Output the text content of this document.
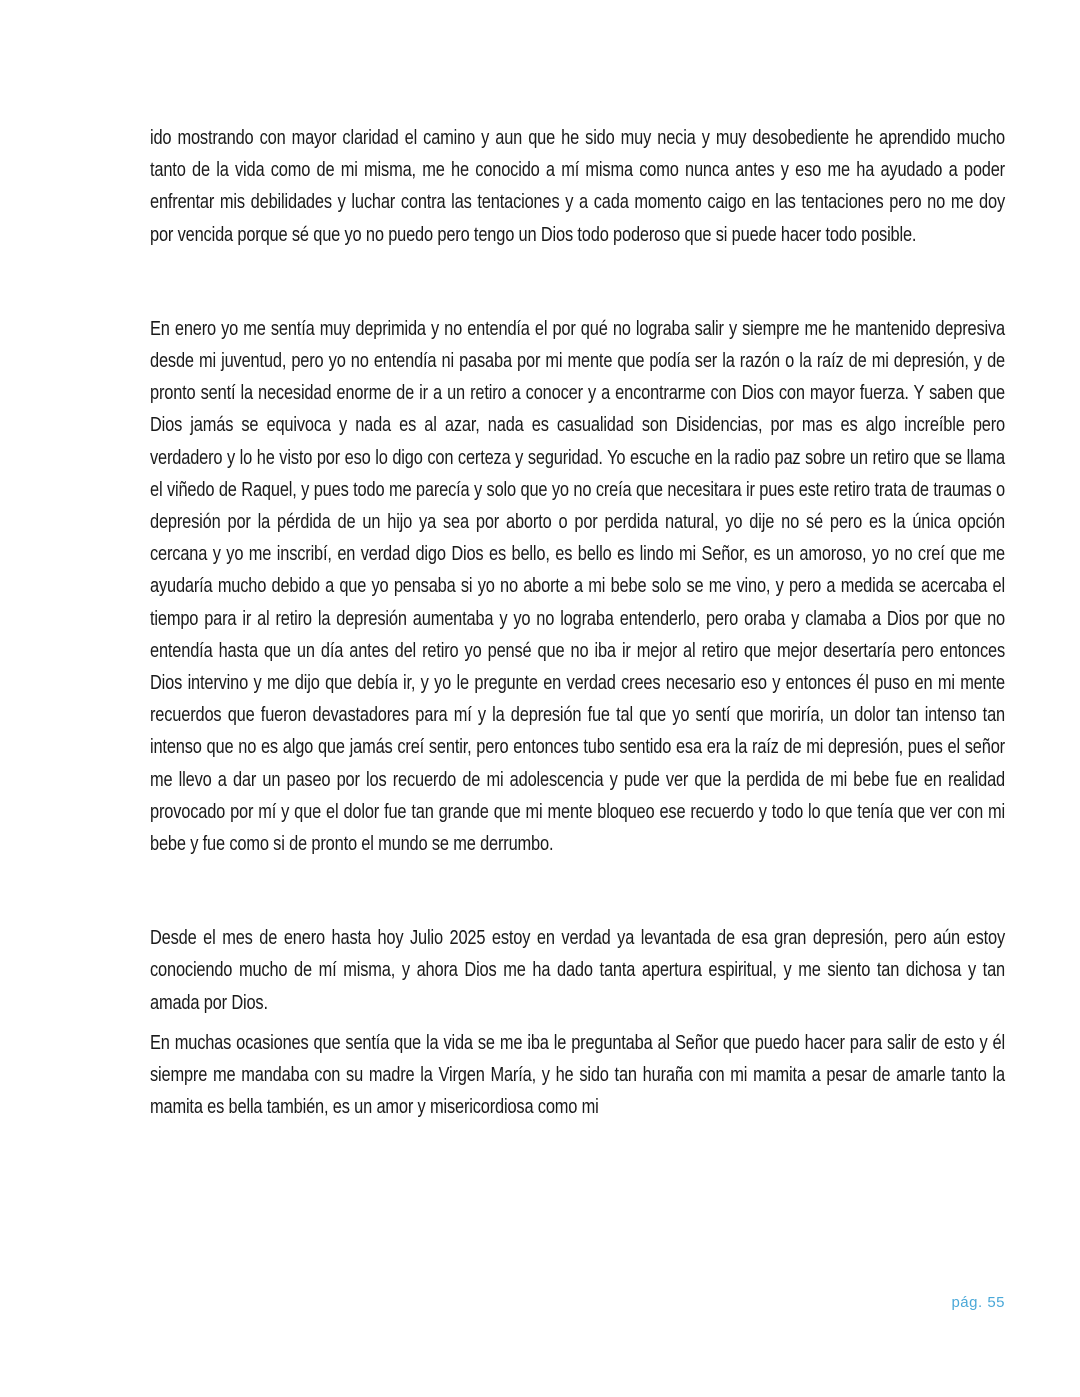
ido mostrando con mayor claridad el camino y aun que he sido muy necia y muy desobediente he aprendido mucho tanto de la vida como de mi misma, me he conocido a mí misma como nunca antes y eso me ha ayudado a poder enfrentar mis debilidades y luchar contra las tentaciones y a cada momento caigo en las tentaciones pero no me doy por vencida porque sé que yo no puedo pero tengo un Dios todo poderoso que si puede hacer todo posible.

En enero yo me sentía muy deprimida y no entendía el por qué no lograba salir y siempre me he mantenido depresiva desde mi juventud, pero yo no entendía ni pasaba por mi mente que podía ser la razón o la raíz de mi depresión, y de pronto sentí la necesidad enorme de ir a un retiro a conocer y a encontrarme con Dios con mayor fuerza. Y saben que Dios jamás se equivoca y nada es al azar, nada es casualidad son Disidencias, por mas es algo increíble pero verdadero y lo he visto por eso lo digo con certeza y seguridad. Yo escuche en la radio paz sobre un retiro que se llama el viñedo de Raquel, y pues todo me parecía y solo que yo no creía que necesitara ir pues este retiro trata de traumas o depresión por la pérdida de un hijo ya sea por aborto o por perdida natural, yo dije no sé pero es la única opción cercana y yo me inscribí, en verdad digo Dios es bello, es bello es lindo mi Señor, es un amoroso, yo no creí que me ayudaría mucho debido a que yo pensaba si yo no aborte a mi bebe solo se me vino, y pero a medida se acercaba el tiempo para ir al retiro la depresión aumentaba y yo no lograba entenderlo, pero oraba y clamaba a Dios por que no entendía hasta que un día antes del retiro yo pensé que no iba ir mejor al retiro que mejor desertaría pero entonces Dios intervino y me dijo que debía ir, y yo le pregunte en verdad crees necesario eso y entonces él puso en mi mente recuerdos que fueron devastadores para mí y la depresión fue tal que yo sentí que moriría, un dolor tan intenso tan intenso que no es algo que jamás creí sentir, pero entonces tubo sentido esa era la raíz de mi depresión, pues el señor me llevo a dar un paseo por los recuerdo de mi adolescencia y pude ver que la perdida de mi bebe fue en realidad provocado por mí y que el dolor fue tan grande que mi mente bloqueo ese recuerdo y todo lo que tenía que ver con mi bebe y fue como si de pronto el mundo se me derrumbo.

Desde el mes de enero hasta hoy Julio 2025 estoy en verdad ya levantada de esa gran depresión, pero aún estoy conociendo mucho de mí misma, y ahora Dios me ha dado tanta apertura espiritual, y me siento tan dichosa y tan amada por Dios.

En muchas ocasiones que sentía que la vida se me iba le preguntaba al Señor que puedo hacer para salir de esto y él siempre me mandaba con su madre la Virgen María, y he sido tan huraña con mi mamita a pesar de amarle tanto la mamita es bella también, es un amor y misericordiosa como mi

pág. 55
